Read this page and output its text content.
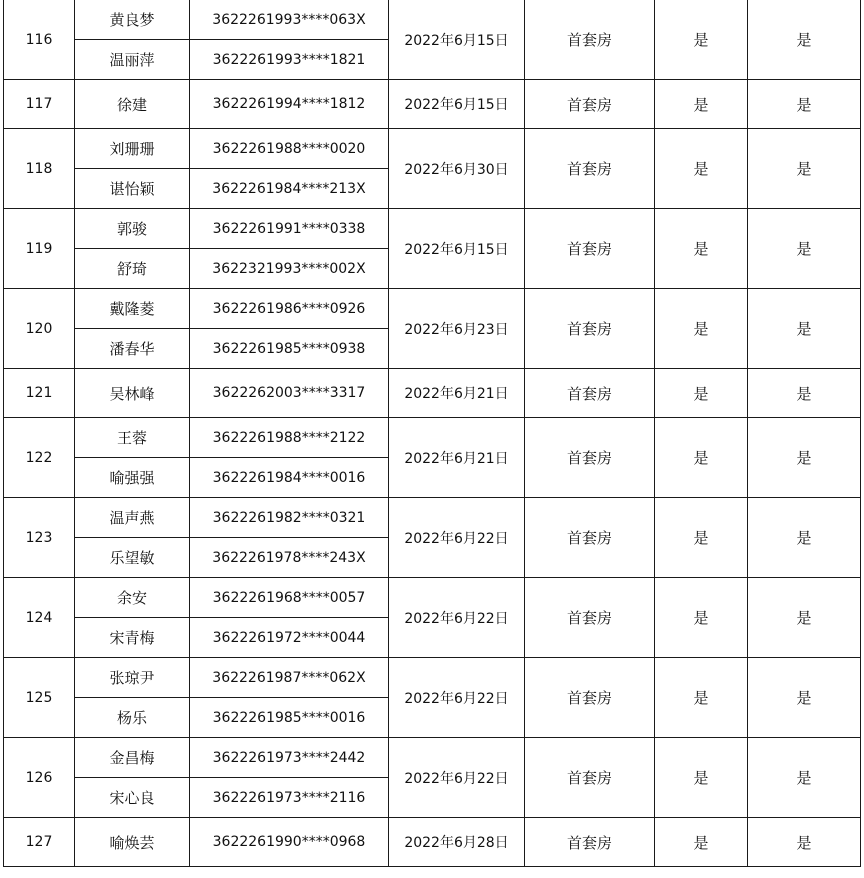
116	黄良梦	3622261993****063X	2022年6月15日	首套房	是	是
	温丽萍	3622261993****1821				
117	徐建	3622261994****1812	2022年6月15日	首套房	是	是
118	刘珊珊	3622261988****0020	2022年6月30日	首套房	是	是
	谌怡颖	3622261984****213X				
119	郭骏	3622261991****0338	2022年6月15日	首套房	是	是
	舒琦	3622321993****002X				
120	戴隆菱	3622261986****0926	2022年6月23日	首套房	是	是
	潘春华	3622261985****0938				
121	吴林峰	3622262003****3317	2022年6月21日	首套房	是	是
122	王蓉	3622261988****2122	2022年6月21日	首套房	是	是
	喻强强	3622261984****0016				
123	温声燕	3622261982****0321	2022年6月22日	首套房	是	是
	乐望敏	3622261978****243X				
124	余安	3622261968****0057	2022年6月22日	首套房	是	是
	宋青梅	3622261972****0044				
125	张琼尹	3622261987****062X	2022年6月22日	首套房	是	是
	杨乐	3622261985****0016				
126	金昌梅	3622261973****2442	2022年6月22日	首套房	是	是
	宋心良	3622261973****2116				
127	喻焕芸	3622261990****0968	2022年6月28日	首套房	是	是
